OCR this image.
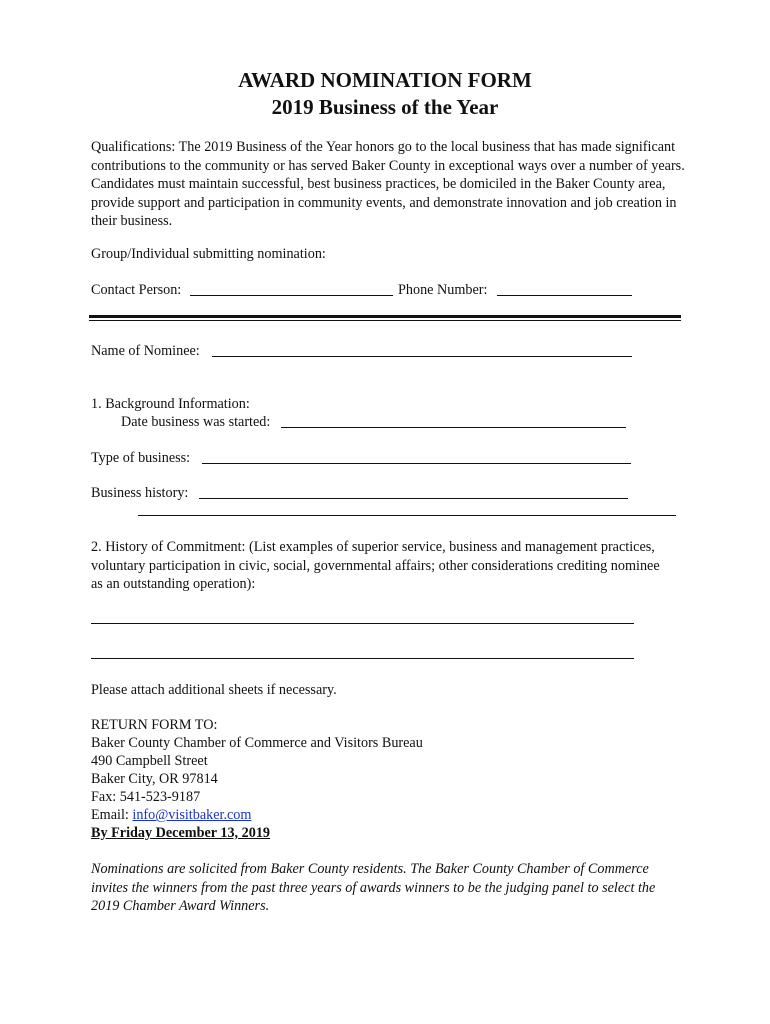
AWARD NOMINATION FORM
2019 Business of the Year
Qualifications: The 2019 Business of the Year honors go to the local business that has made significant contributions to the community or has served Baker County in exceptional ways over a number of years. Candidates must maintain successful, best business practices, be domiciled in the Baker County area, provide support and participation in community events, and demonstrate innovation and job creation in their business.
Group/Individual submitting nomination:
Contact Person:	Phone Number:
Name of Nominee:
1. Background Information:
Date business was started:
Type of business:
Business history:
2. History of Commitment: (List examples of superior service, business and management practices, voluntary participation in civic, social, governmental affairs; other considerations crediting nominee as an outstanding operation):
Please attach additional sheets if necessary.
RETURN FORM TO:
Baker County Chamber of Commerce and Visitors Bureau
490 Campbell Street
Baker City, OR 97814
Fax: 541-523-9187
Email: info@visitbaker.com
By Friday December 13, 2019
Nominations are solicited from Baker County residents. The Baker County Chamber of Commerce invites the winners from the past three years of awards winners to be the judging panel to select the 2019 Chamber Award Winners.
